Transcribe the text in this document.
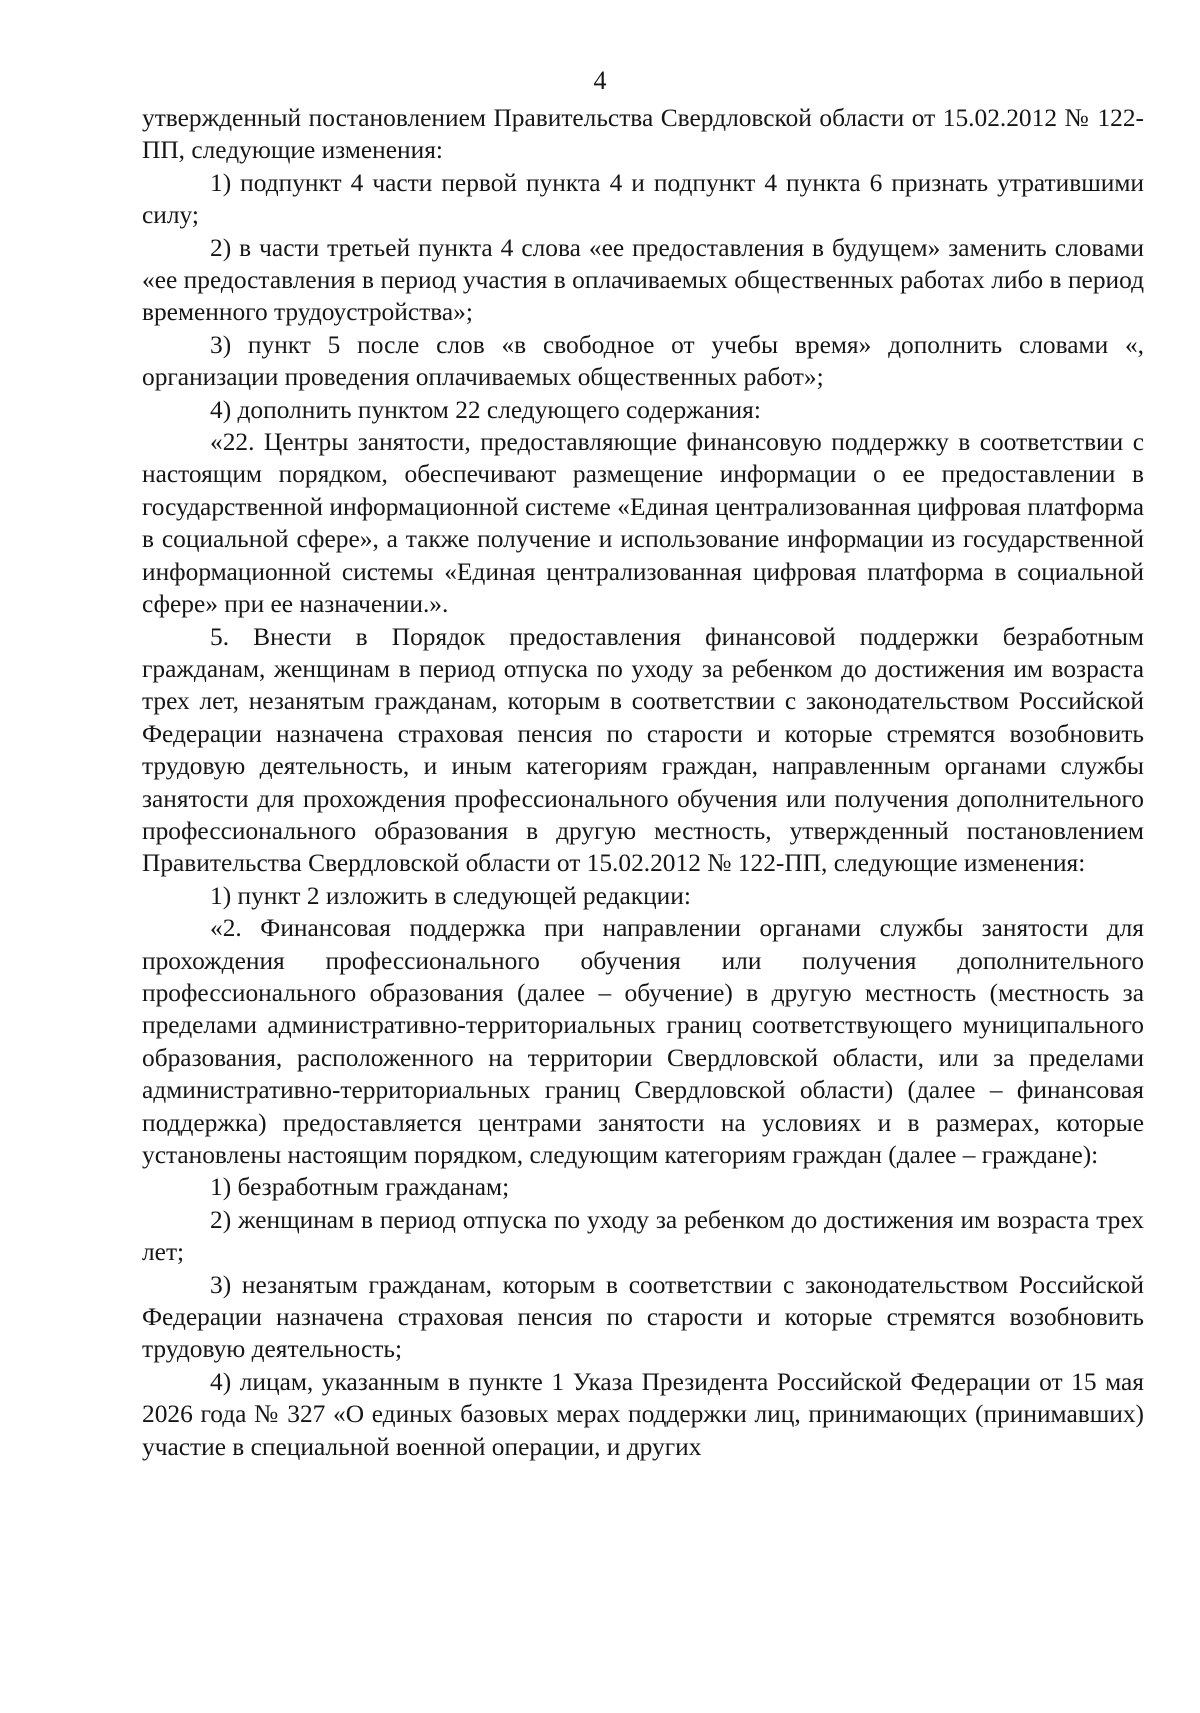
4

утвержденный постановлением Правительства Свердловской области от 15.02.2012 № 122-ПП, следующие изменения:

1) подпункт 4 части первой пункта 4 и подпункт 4 пункта 6 признать утратившими силу;

2) в части третьей пункта 4 слова «ее предоставления в будущем» заменить словами «ее предоставления в период участия в оплачиваемых общественных работах либо в период временного трудоустройства»;

3) пункт 5 после слов «в свободное от учебы время» дополнить словами «, организации проведения оплачиваемых общественных работ»;

4) дополнить пунктом 22 следующего содержания:

«22. Центры занятости, предоставляющие финансовую поддержку в соответствии с настоящим порядком, обеспечивают размещение информации о ее предоставлении в государственной информационной системе «Единая централизованная цифровая платформа в социальной сфере», а также получение и использование информации из государственной информационной системы «Единая централизованная цифровая платформа в социальной сфере» при ее назначении.».

5. Внести в Порядок предоставления финансовой поддержки безработным гражданам, женщинам в период отпуска по уходу за ребенком до достижения им возраста трех лет, незанятым гражданам, которым в соответствии с законодательством Российской Федерации назначена страховая пенсия по старости и которые стремятся возобновить трудовую деятельность, и иным категориям граждан, направленным органами службы занятости для прохождения профессионального обучения или получения дополнительного профессионального образования в другую местность, утвержденный постановлением Правительства Свердловской области от 15.02.2012 № 122-ПП, следующие изменения:

1) пункт 2 изложить в следующей редакции:

«2. Финансовая поддержка при направлении органами службы занятости для прохождения профессионального обучения или получения дополнительного профессионального образования (далее – обучение) в другую местность (местность за пределами административно-территориальных границ соответствующего муниципального образования, расположенного на территории Свердловской области, или за пределами административно-территориальных границ Свердловской области) (далее – финансовая поддержка) предоставляется центрами занятости на условиях и в размерах, которые установлены настоящим порядком, следующим категориям граждан (далее – граждане):

1) безработным гражданам;

2) женщинам в период отпуска по уходу за ребенком до достижения им возраста трех лет;

3) незанятым гражданам, которым в соответствии с законодательством Российской Федерации назначена страховая пенсия по старости и которые стремятся возобновить трудовую деятельность;

4) лицам, указанным в пункте 1 Указа Президента Российской Федерации от 15 мая 2026 года № 327 «О единых базовых мерах поддержки лиц, принимающих (принимавших) участие в специальной военной операции, и других
